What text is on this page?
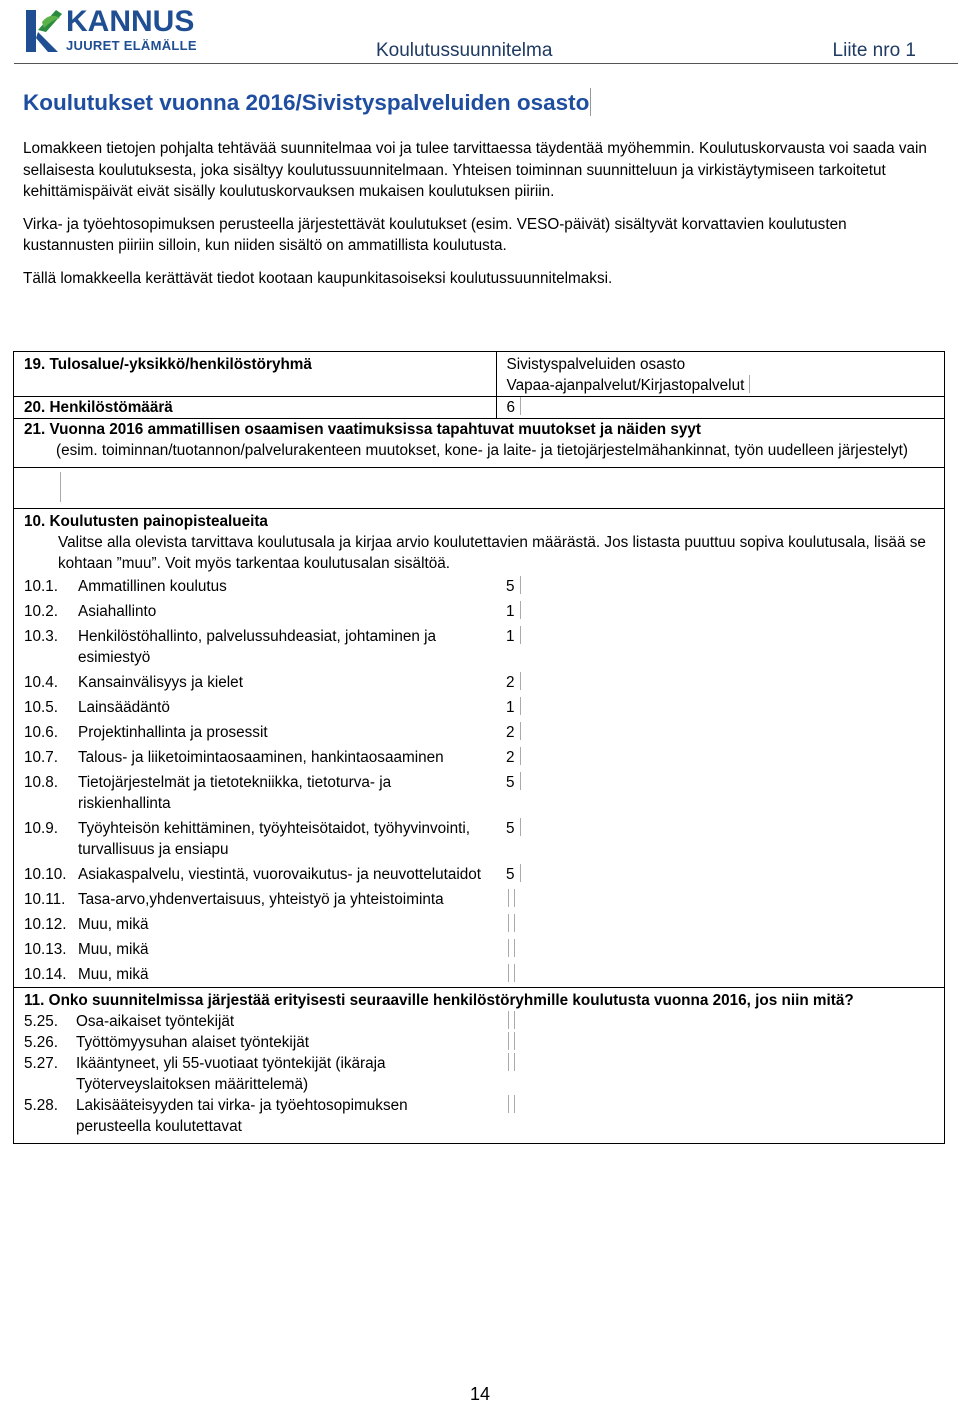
KANNUS
JUURET ELÄMÄLLE	Koulutussuunnitelma	Liite nro 1
Koulutukset vuonna 2016/Sivistyspalveluiden osasto

Lomakkeen tietojen pohjalta tehtävää suunnitelmaa voi ja tulee tarvittaessa täydentää myöhemmin. Koulutuskorvausta voi saada vain sellaisesta koulutuksesta, joka sisältyy koulutussuunnitelmaan. Yhteisen toiminnan suunnitteluun ja virkistäytymiseen tarkoitetut kehittämispäivät eivät sisälly koulutuskorvauksen mukaisen koulutuksen piiriin.

Virka- ja työehtosopimuksen perusteella järjestettävät koulutukset (esim. VESO-päivät) sisältyvät korvattavien koulutusten kustannusten piiriin silloin, kun niiden sisältö on ammatillista koulutusta.

Tällä lomakkeella kerättävät tiedot kootaan kaupunkitasoiseksi koulutussuunnitelmaksi.

19. Tulosalue/-yksikkö/henkilöstöryhmä	Sivistyspalveluiden osasto
Vapaa-ajanpalvelut/Kirjastopalvelut

20. Henkilöstömäärä	6

21. Vuonna 2016 ammatillisen osaamisen vaatimuksissa tapahtuvat muutokset ja näiden syyt
(esim. toiminnan/tuotannon/palvelurakenteen muutokset, kone- ja laite- ja tietojärjestelmähankinnat, työn uudelleen järjestelyt)	

10. Koulutusten painopistealueita
Valitse alla olevista tarvittava koulutusala ja kirjaa arvio koulutettavien määrästä. Jos listasta puuttuu sopiva koulutusala, lisää se kohtaan ”muu”. Voit myös tarkentaa koulutusalan sisältöä.	

10.1. Ammatillinen koulutus	5

10.2. Asiahallinto	1

10.3. Henkilöstöhallinto, palvelussuhdeasiat, johtaminen ja esimiestyö	1

10.4. Kansainvälisyys ja kielet	2

10.5. Lainsäädäntö	1

10.6. Projektinhallinta ja prosessit	2

10.7. Talous- ja liiketoimintaosaaminen, hankintaosaaminen	2

10.8. Tietojärjestelmät ja tietotekniikka, tietoturva- ja riskienhallinta	5

10.9. Työyhteisön kehittäminen, työyhteisötaidot, työhyvinvointi, turvallisuus ja ensiapu	5

10.10. Asiakaspalvelu, viestintä, vuorovaikutus- ja neuvottelutaidot	5

10.11. Tasa-arvo,yhdenvertaisuus, yhteistyö ja yhteistoiminta	

10.12. Muu, mikä	

10.13. Muu, mikä	

10.14. Muu, mikä	

11. Onko suunnitelmissa järjestää erityisesti seuraaville henkilöstöryhmille koulutusta vuonna 2016, jos niin mitä?	

5.25. Osa-aikaiset työntekijät	

5.26. Työttömyysuhan alaiset työntekijät	

5.27. Ikääntyneet, yli 55-vuotiaat työntekijät (ikäraja Työterveyslaitoksen määrittelemä)	

5.28. Lakisääteisyyden tai virka- ja työehtosopimuksen perusteella koulutettavat	

14
